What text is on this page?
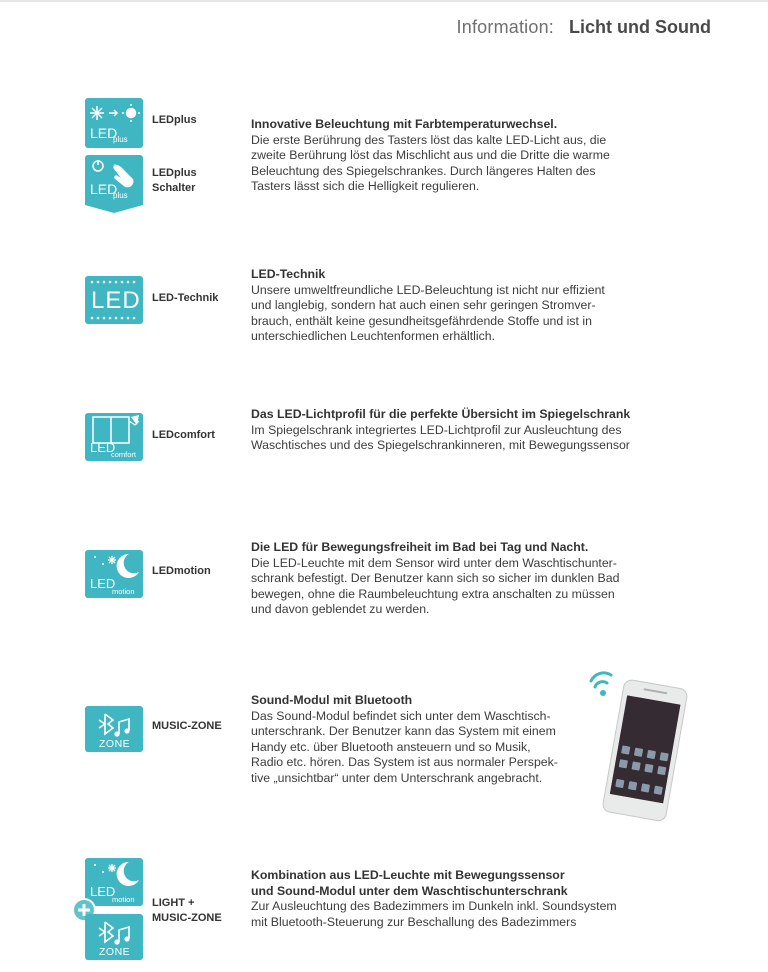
Information: Licht und Sound
LED
plus
LEDplus
LED
plus
LEDplus
Schalter
Innovative Beleuchtung mit Farbtemperaturwechsel.
Die erste Berührung des Tasters löst das kalte LED-Licht aus, die
zweite Berührung löst das Mischlicht aus und die Dritte die warme
Beleuchtung des Spiegelschrankes. Durch längeres Halten des
Tasters lässt sich die Helligkeit regulieren.
LED LED-Technik
LED-Technik
Unsere umweltfreundliche LED-Beleuchtung ist nicht nur effizient
und langlebig, sondern hat auch einen sehr geringen Stromver-
brauch, enthält keine gesundheitsgefährdende Stoffe und ist in
unterschiedlichen Leuchtenformen erhältlich.
LED
comfort
LEDcomfort
Das LED-Lichtprofil für die perfekte Übersicht im Spiegelschrank
Im Spiegelschrank integriertes LED-Lichtprofil zur Ausleuchtung des
Waschtisches und des Spiegelschrankinneren, mit Bewegungssensor
LED
motion
LEDmotion
Die LED für Bewegungsfreiheit im Bad bei Tag und Nacht.
Die LED-Leuchte mit dem Sensor wird unter dem Waschtischunter-
schrank befestigt. Der Benutzer kann sich so sicher im dunklen Bad
bewegen, ohne die Raumbeleuchtung extra anschalten zu müssen
und davon geblendet zu werden.
ZONE
MUSIC-ZONE
Sound-Modul mit Bluetooth
Das Sound-Modul befindet sich unter dem Waschtisch-
unterschrank. Der Benutzer kann das System mit einem
Handy etc. über Bluetooth ansteuern und so Musik,
Radio etc. hören. Das System ist aus normaler Perspek-
tive „unsichtbar“ unter dem Unterschrank angebracht.
LED
motion
ZONE
LIGHT +
MUSIC-ZONE
Kombination aus LED-Leuchte mit Bewegungssensor
und Sound-Modul unter dem Waschtischunterschrank
Zur Ausleuchtung des Badezimmers im Dunkeln inkl. Soundsystem
mit Bluetooth-Steuerung zur Beschallung des Badezimmers
